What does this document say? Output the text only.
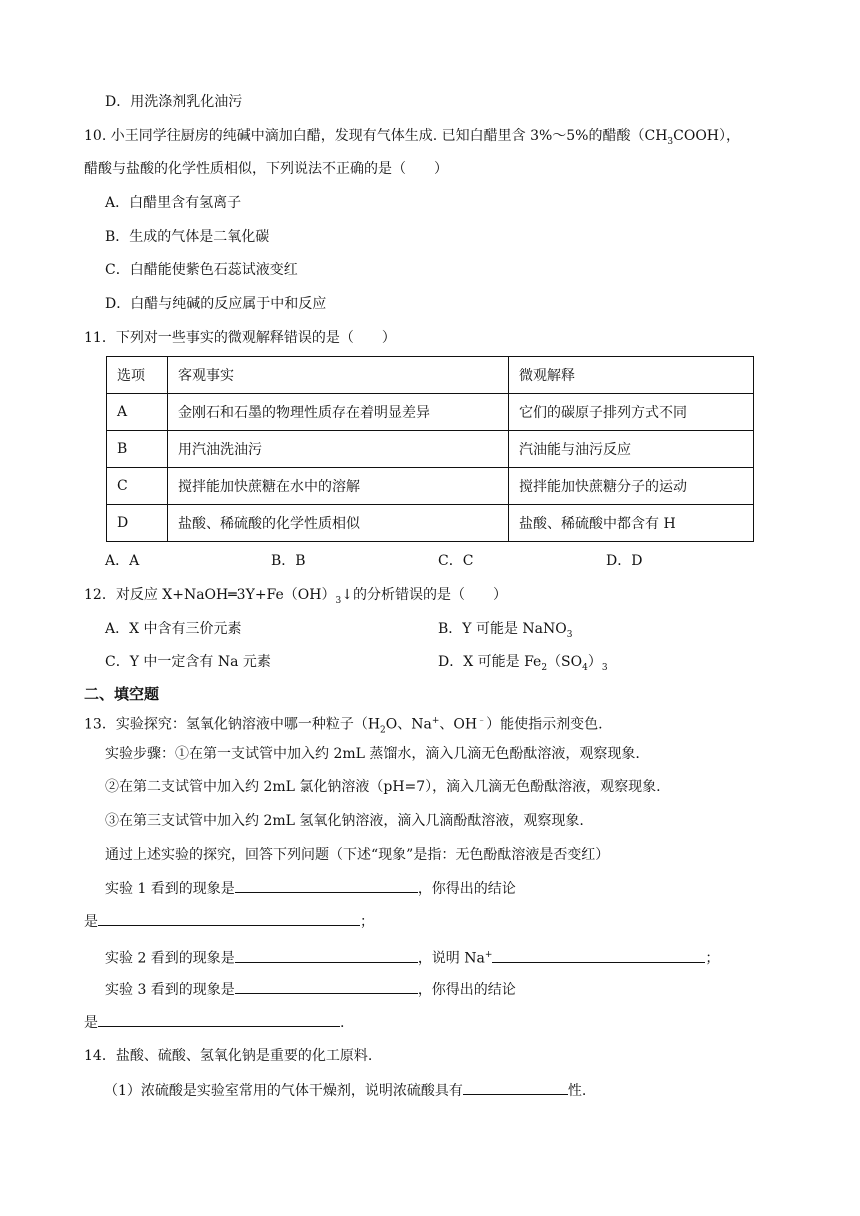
D．用洗涤剂乳化油污
10. 小王同学往厨房的纯碱中滴加白醋，发现有气体生成. 已知白醋里含 3%～5%的醋酸$(CH_3COOH)$，
醋酸与盐酸的化学性质相似，下列说法不正确的是（　　）
A．白醋里含有氢离子
B．生成的气体是二氧化碳
C．白醋能使紫色石蕊试液变红
D．白醋与纯碱的反应属于中和反应
11．下列对一些事实的微观解释错误的是（　　）
选项	客观事实	微观解释
A	金刚石和石墨的物理性质存在着明显差异	它们的碳原子排列方式不同
B	用汽油洗油污	汽油能与油污反应
C	搅拌能加快蔗糖在水中的溶解	搅拌能加快蔗糖分子的运动
D	盐酸、稀硫酸的化学性质相似	盐酸、稀硫酸中都含有 H
A．A	B．B	C．C	D．D
12．对反应 $X+NaOH═3Y+Fe(OH)_3↓$的分析错误的是（　　）
A．X 中含有三价元素	B．Y 可能是 NaNO$_3$
C．Y 中一定含有 Na 元素	D．X 可能是 $Fe_2(SO_4)_3$
二、填空题
13．实验探究：氢氧化钠溶液中哪一种粒子（$H_2O$、Na+、OH﹣）能使指示剂变色.
实验步骤：①在第一支试管中加入约 2mL 蒸馏水，滴入几滴无色酚酞溶液，观察现象.
②在第二支试管中加入约 2mL 氯化钠溶液（pH=7），滴入几滴无色酚酞溶液，观察现象.
③在第三支试管中加入约 2mL 氢氧化钠溶液，滴入几滴酚酞溶液，观察现象.
通过上述实验的探究，回答下列问题（下述“现象”是指：无色酚酞溶液是否变红）
实验 1 看到的现象是	，你得出的结论
是	；
实验 2 看到的现象是	，说明 Na+	；
实验 3 看到的现象是	，你得出的结论
是	.
14．盐酸、硫酸、氢氧化钠是重要的化工原料.
（1）浓硫酸是实验室常用的气体干燥剂，说明浓硫酸具有	性.
